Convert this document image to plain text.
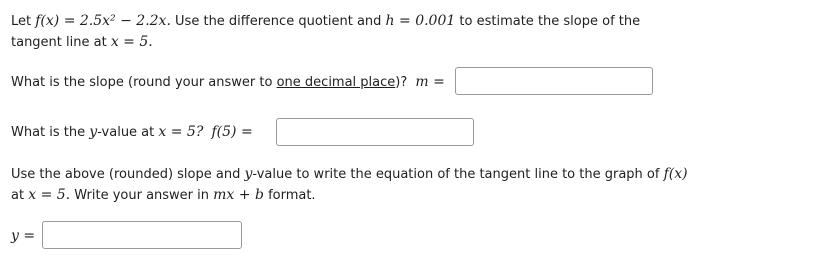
Let f(x) = 2.5x² − 2.2x. Use the difference quotient and h = 0.001 to estimate the slope of the
tangent line at x = 5.
What is the slope (round your answer to one decimal place)? m =
What is the y-value at x = 5? f(5) =
Use the above (rounded) slope and y-value to write the equation of the tangent line to the graph of f(x)
at x = 5. Write your answer in mx + b format.
y =
